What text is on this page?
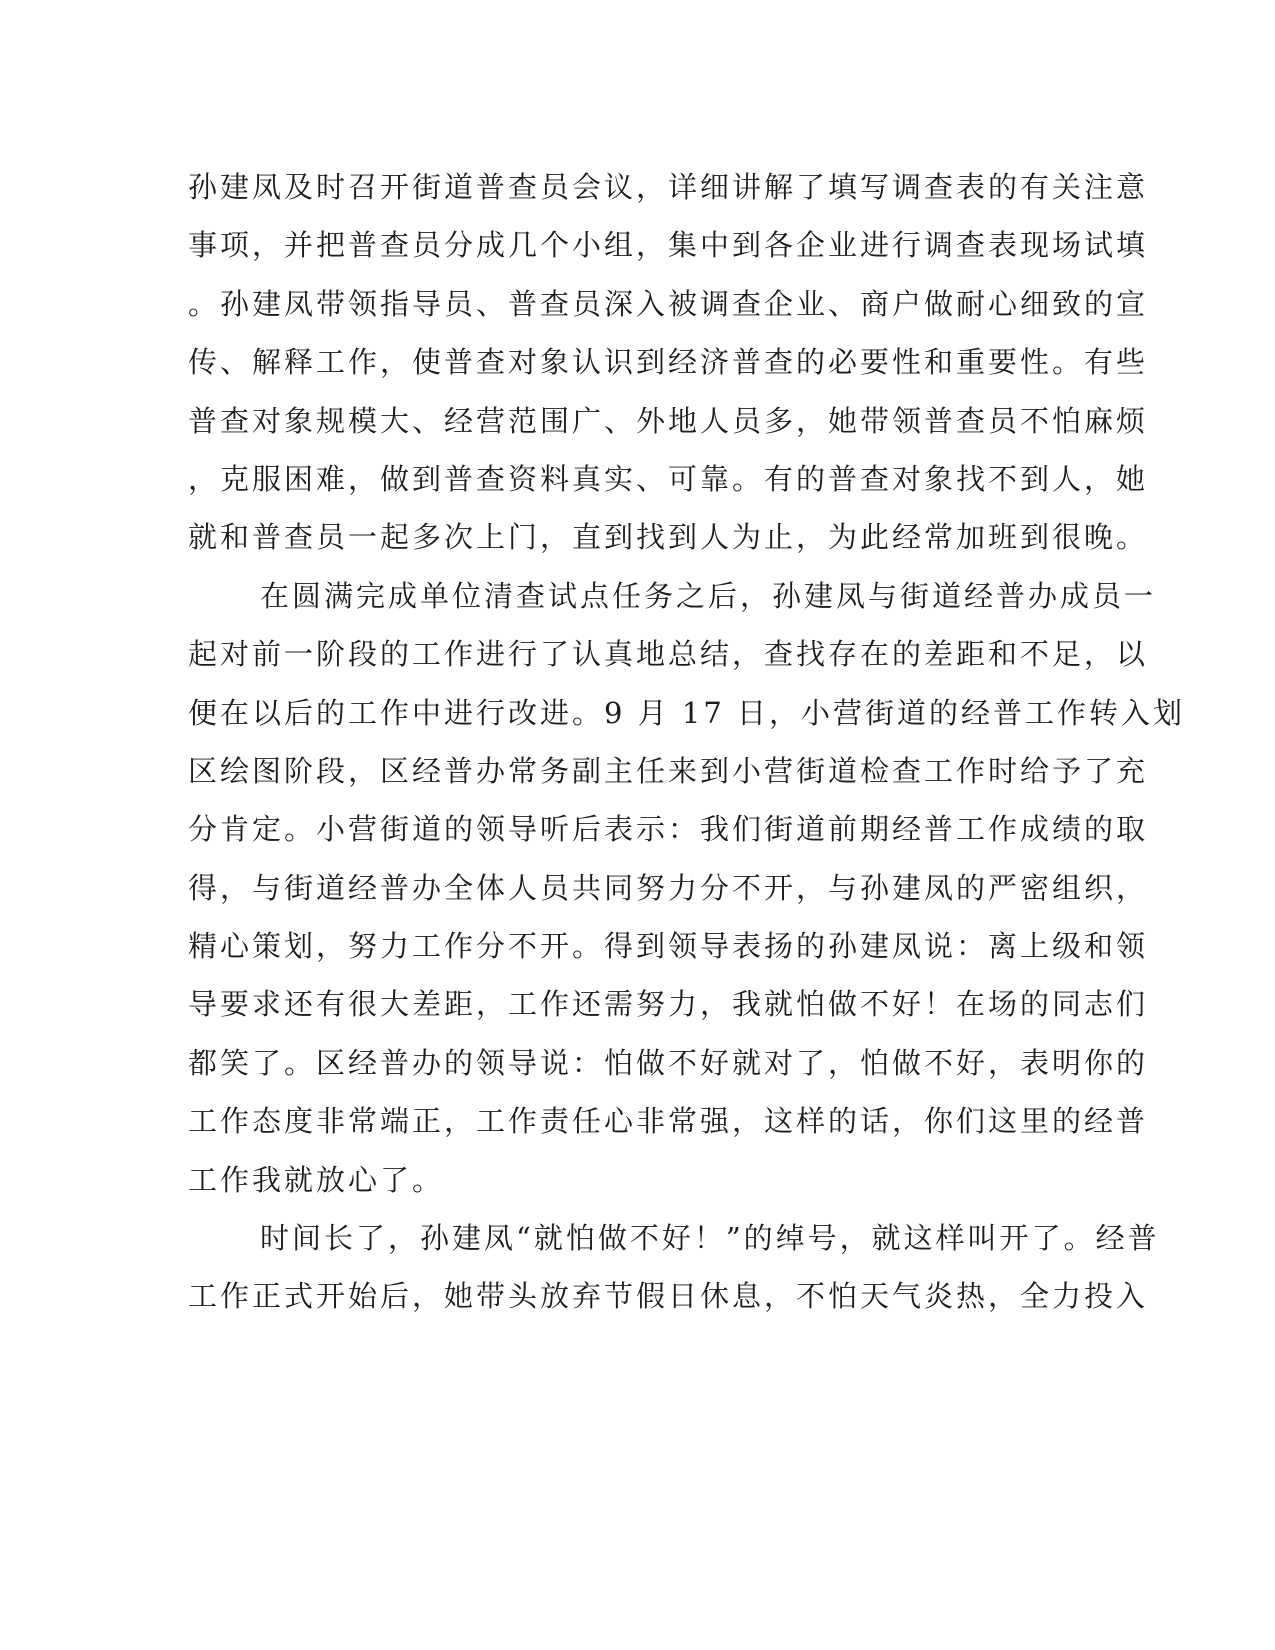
孙建凤及时召开街道普查员会议，详细讲解了填写调查表的有关注意
事项，并把普查员分成几个小组，集中到各企业进行调查表现场试填
。孙建凤带领指导员、普查员深入被调查企业、商户做耐心细致的宣
传、解释工作，使普查对象认识到经济普查的必要性和重要性。有些
普查对象规模大、经营范围广、外地人员多，她带领普查员不怕麻烦
，克服困难，做到普查资料真实、可靠。有的普查对象找不到人，她
就和普查员一起多次上门，直到找到人为止，为此经常加班到很晚。
在圆满完成单位清查试点任务之后，孙建凤与街道经普办成员一
起对前一阶段的工作进行了认真地总结，查找存在的差距和不足，以
便在以后的工作中进行改进。9 月 17 日，小营街道的经普工作转入划
区绘图阶段，区经普办常务副主任来到小营街道检查工作时给予了充
分肯定。小营街道的领导听后表示：我们街道前期经普工作成绩的取
得，与街道经普办全体人员共同努力分不开，与孙建凤的严密组织，
精心策划，努力工作分不开。得到领导表扬的孙建凤说：离上级和领
导要求还有很大差距，工作还需努力，我就怕做不好！在场的同志们
都笑了。区经普办的领导说：怕做不好就对了，怕做不好，表明你的
工作态度非常端正，工作责任心非常强，这样的话，你们这里的经普
工作我就放心了。
时间长了，孙建凤“就怕做不好！”的绰号，就这样叫开了。经普
工作正式开始后，她带头放弃节假日休息，不怕天气炎热，全力投入
